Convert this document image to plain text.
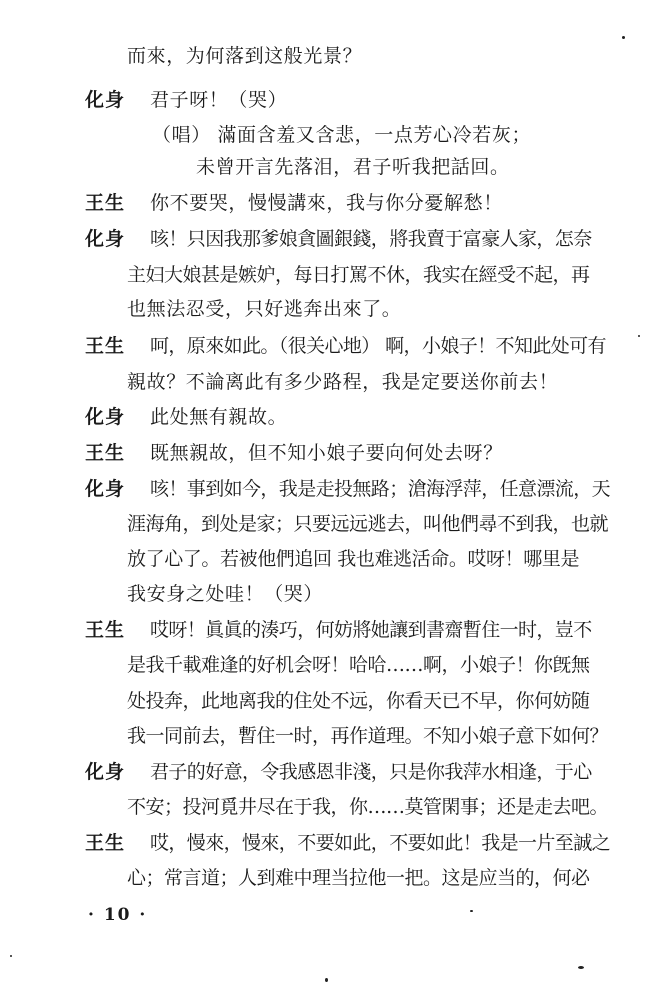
而來，为何落到这般光景？
化身 君子呀！（哭）
（唱） 滿面含羞又含悲，一点芳心冷若灰；
未曾开言先落泪，君子听我把話回。
王生 你不要哭，慢慢講來，我与你分憂解愁！
化身 咳！只因我那爹娘貪圖銀錢，將我賣于富豪人家，怎奈
主妇大娘甚是嫉妒，每日打罵不休，我实在經受不起，再
也無法忍受，只好逃奔出來了。
王生 呵，原來如此。（很关心地） 啊，小娘子！不知此处可有
親故？不論离此有多少路程，我是定要送你前去！
化身 此处無有親故。
王生 既無親故，但不知小娘子要向何处去呀？
化身 咳！事到如今，我是走投無路；滄海浮萍，任意漂流，天
涯海角，到处是家；只要远远逃去，叫他們尋不到我，也就
放了心了。若被他們追回 我也难逃活命。哎呀！哪里是
我安身之处哇！（哭）
王生 哎呀！眞眞的湊巧，何妨將她讓到書齋暫住一时，豈不
是我千載难逢的好机会呀！哈哈……啊，小娘子！你旣無
处投奔，此地离我的住处不远，你看天已不早，你何妨随
我一同前去，暫住一时，再作道理。不知小娘子意下如何？
化身 君子的好意，令我感恩非淺，只是你我萍水相逢，于心
不安；投河覓井尽在于我，你……莫管閑事；还是走去吧。
王生 哎，慢來，慢來，不要如此，不要如此！我是一片至誠之
心；常言道；人到难中理当拉他一把。这是应当的，何必
· 10 ·
